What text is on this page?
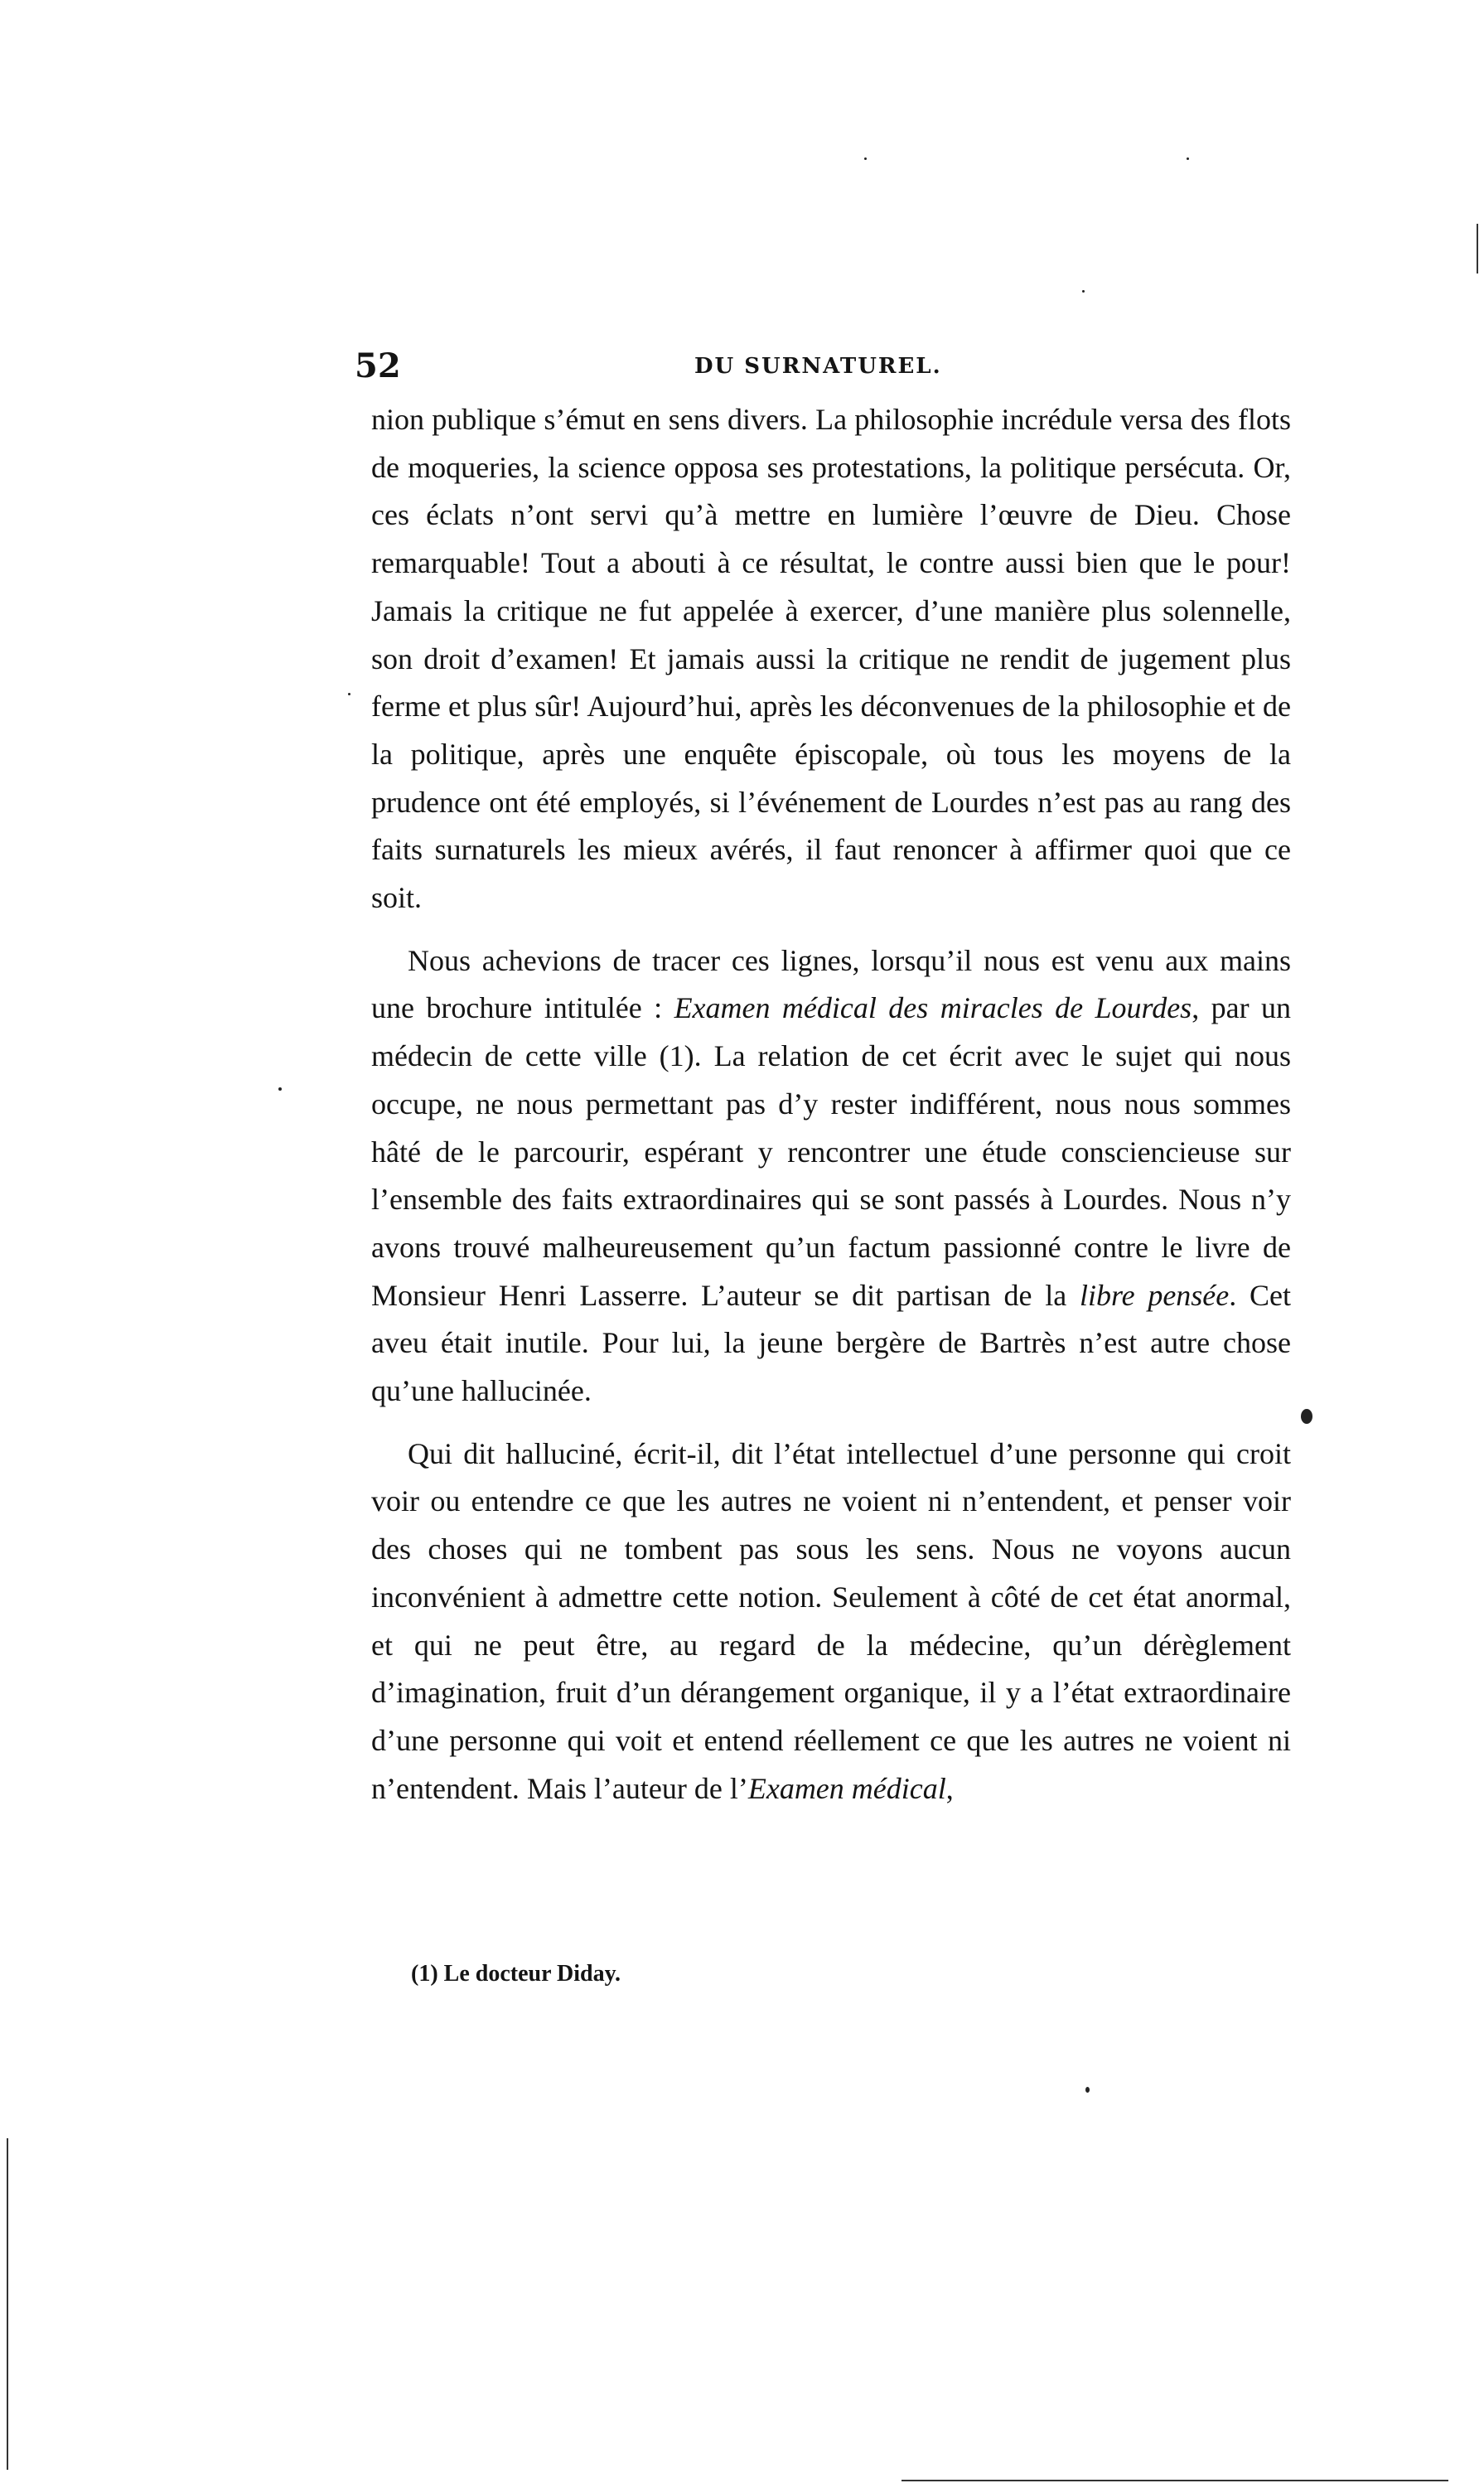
52	DU SURNATUREL.

nion publique s’émut en sens divers. La philosophie incrédule versa des flots de moqueries, la science opposa ses protestations, la politique persécuta. Or, ces éclats n’ont servi qu’à mettre en lumière l’œuvre de Dieu. Chose remarquable! Tout a abouti à ce résultat, le contre aussi bien que le pour! Jamais la critique ne fut appelée à exercer, d’une manière plus solennelle, son droit d’examen! Et jamais aussi la critique ne rendit de jugement plus ferme et plus sûr! Aujourd’hui, après les déconvenues de la philosophie et de la politique, après une enquête épiscopale, où tous les moyens de la prudence ont été employés, si l’événement de Lourdes n’est pas au rang des faits surnaturels les mieux avérés, il faut renoncer à affirmer quoi que ce soit.

Nous achevions de tracer ces lignes, lorsqu’il nous est venu aux mains une brochure intitulée : Examen médical des miracles de Lourdes, par un médecin de cette ville (1). La relation de cet écrit avec le sujet qui nous occupe, ne nous permettant pas d’y rester indifférent, nous nous sommes hâté de le parcourir, espérant y rencontrer une étude consciencieuse sur l’ensemble des faits extraordinaires qui se sont passés à Lourdes. Nous n’y avons trouvé malheureusement qu’un factum passionné contre le livre de Monsieur Henri Lasserre. L’auteur se dit partisan de la libre pensée. Cet aveu était inutile. Pour lui, la jeune bergère de Bartrès n’est autre chose qu’une hallucinée.

Qui dit halluciné, écrit-il, dit l’état intellectuel d’une personne qui croit voir ou entendre ce que les autres ne voient ni n’entendent, et penser voir des choses qui ne tombent pas sous les sens. Nous ne voyons aucun inconvénient à admettre cette notion. Seulement à côté de cet état anormal, et qui ne peut être, au regard de la médecine, qu’un dérèglement d’imagination, fruit d’un dérangement organique, il y a l’état extraordinaire d’une personne qui voit et entend réellement ce que les autres ne voient ni n’entendent. Mais l’auteur de l’Examen médical,

(1) Le docteur Diday.
